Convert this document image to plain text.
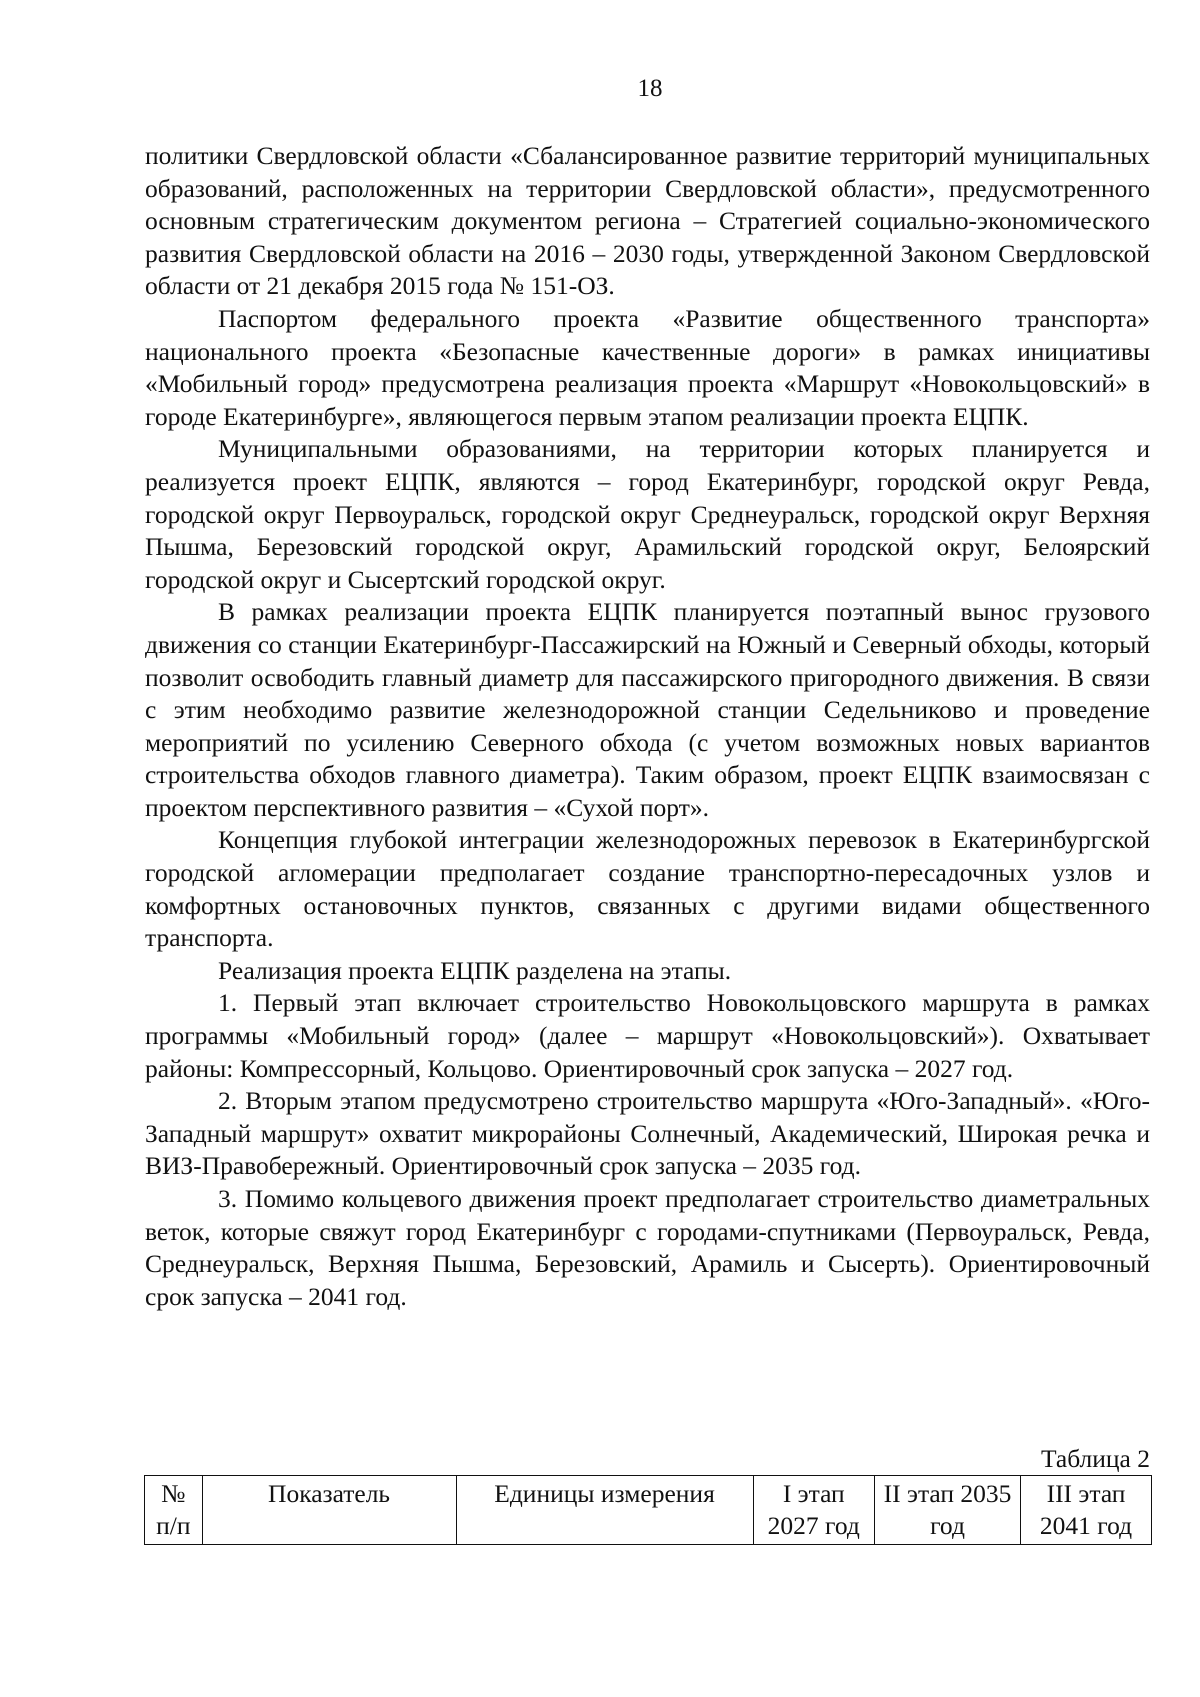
18

политики Свердловской области «Сбалансированное развитие территорий муниципальных образований, расположенных на территории Свердловской области», предусмотренного основным стратегическим документом региона – Стратегией социально-экономического развития Свердловской области на 2016 – 2030 годы, утвержденной Законом Свердловской области от 21 декабря 2015 года № 151-ОЗ.

Паспортом федерального проекта «Развитие общественного транспорта» национального проекта «Безопасные качественные дороги» в рамках инициативы «Мобильный город» предусмотрена реализация проекта «Маршрут «Новокольцовский» в городе Екатеринбурге», являющегося первым этапом реализации проекта ЕЦПК.

Муниципальными образованиями, на территории которых планируется и реализуется проект ЕЦПК, являются – город Екатеринбург, городской округ Ревда, городской округ Первоуральск, городской округ Среднеуральск, городской округ Верхняя Пышма, Березовский городской округ, Арамильский городской округ, Белоярский городской округ и Сысертский городской округ.

В рамках реализации проекта ЕЦПК планируется поэтапный вынос грузового движения со станции Екатеринбург-Пассажирский на Южный и Северный обходы, который позволит освободить главный диаметр для пассажирского пригородного движения. В связи с этим необходимо развитие железнодорожной станции Седельниково и проведение мероприятий по усилению Северного обхода (с учетом возможных новых вариантов строительства обходов главного диаметра). Таким образом, проект ЕЦПК взаимосвязан с проектом перспективного развития – «Сухой порт».

Концепция глубокой интеграции железнодорожных перевозок в Екатеринбургской городской агломерации предполагает создание транспортно-пересадочных узлов и комфортных остановочных пунктов, связанных с другими видами общественного транспорта.

Реализация проекта ЕЦПК разделена на этапы.

1. Первый этап включает строительство Новокольцовского маршрута в рамках программы «Мобильный город» (далее – маршрут «Новокольцовский»). Охватывает районы: Компрессорный, Кольцово. Ориентировочный срок запуска – 2027 год.

2. Вторым этапом предусмотрено строительство маршрута «Юго-Западный». «Юго-Западный маршрут» охватит микрорайоны Солнечный, Академический, Широкая речка и ВИЗ-Правобережный. Ориентировочный срок запуска – 2035 год.

3. Помимо кольцевого движения проект предполагает строительство диаметральных веток, которые свяжут город Екатеринбург с городами-спутниками (Первоуральск, Ревда, Среднеуральск, Верхняя Пышма, Березовский, Арамиль и Сысерть). Ориентировочный срок запуска – 2041 год.

Таблица 2
№ п/п	Показатель	Единицы измерения	I этап 2027 год	II этап 2035 год	III этап 2041 год
